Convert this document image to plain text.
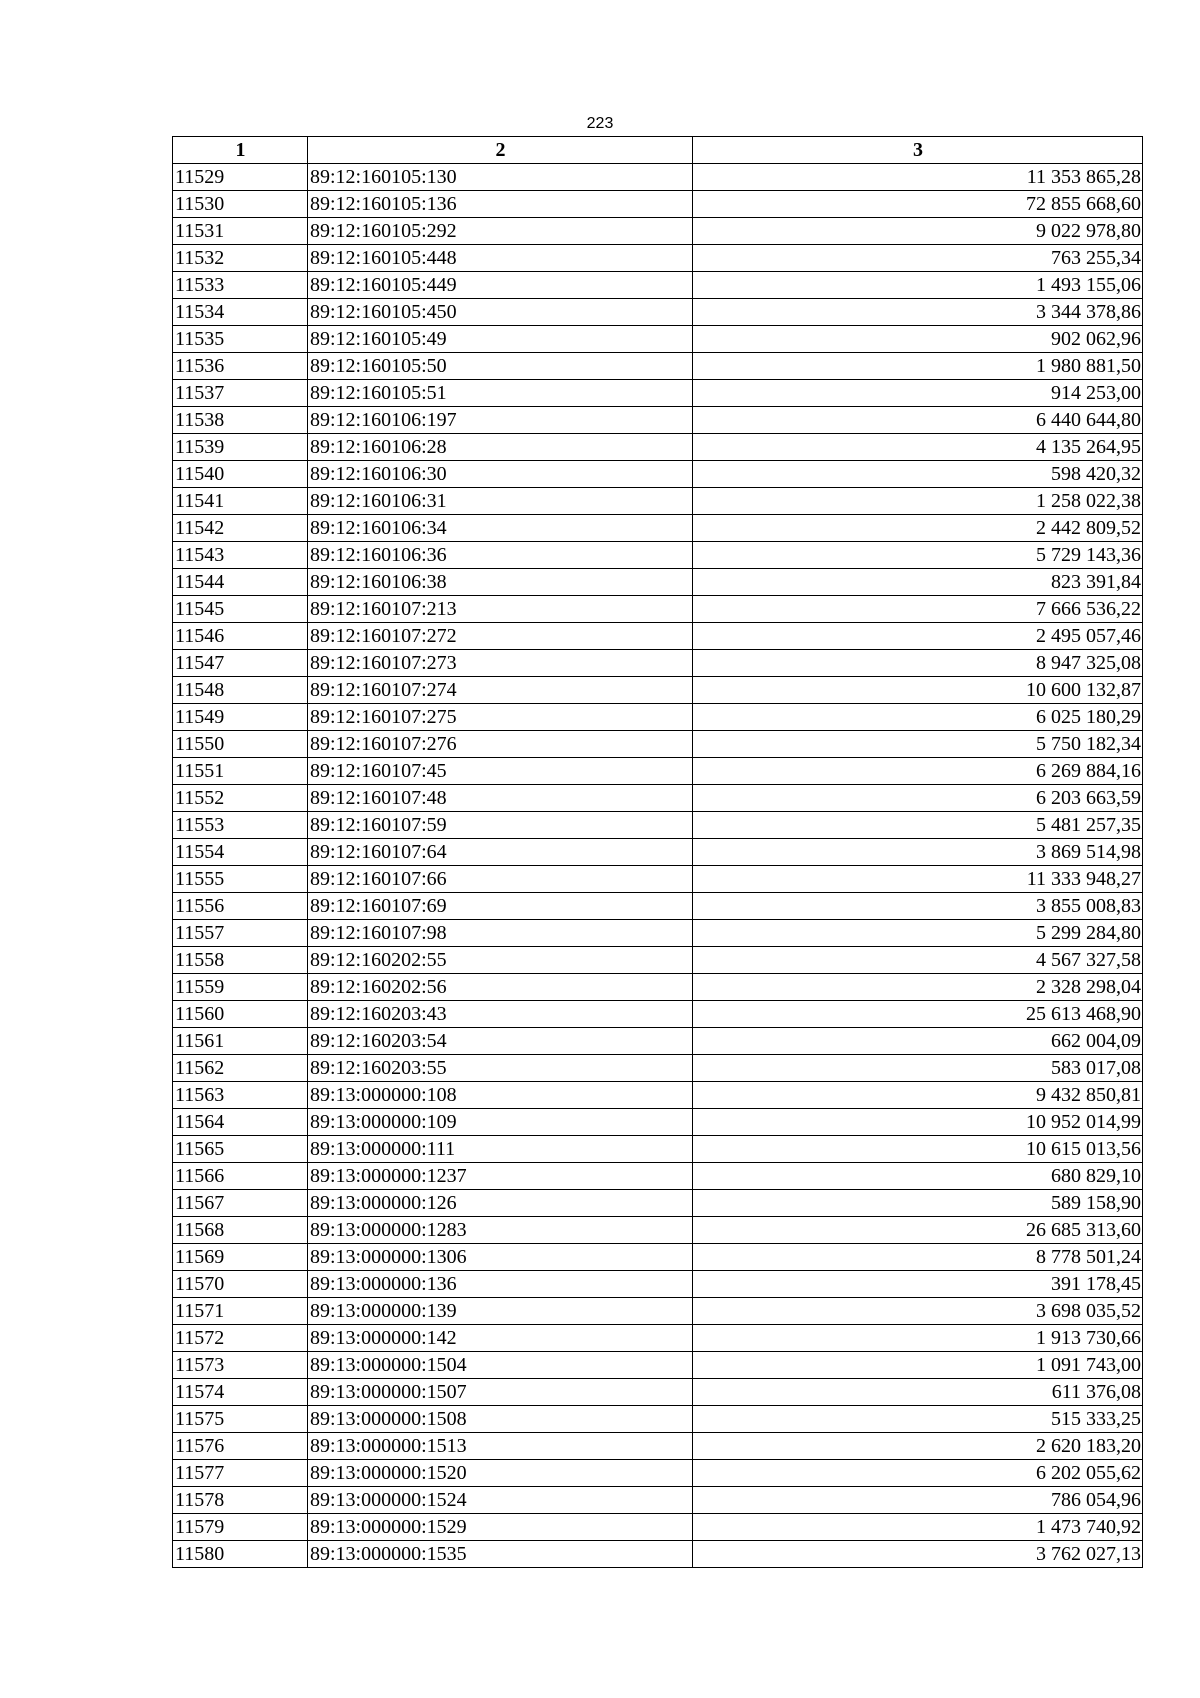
223
1	2	3
11529	89:12:160105:130	11 353 865,28
11530	89:12:160105:136	72 855 668,60
11531	89:12:160105:292	9 022 978,80
11532	89:12:160105:448	763 255,34
11533	89:12:160105:449	1 493 155,06
11534	89:12:160105:450	3 344 378,86
11535	89:12:160105:49	902 062,96
11536	89:12:160105:50	1 980 881,50
11537	89:12:160105:51	914 253,00
11538	89:12:160106:197	6 440 644,80
11539	89:12:160106:28	4 135 264,95
11540	89:12:160106:30	598 420,32
11541	89:12:160106:31	1 258 022,38
11542	89:12:160106:34	2 442 809,52
11543	89:12:160106:36	5 729 143,36
11544	89:12:160106:38	823 391,84
11545	89:12:160107:213	7 666 536,22
11546	89:12:160107:272	2 495 057,46
11547	89:12:160107:273	8 947 325,08
11548	89:12:160107:274	10 600 132,87
11549	89:12:160107:275	6 025 180,29
11550	89:12:160107:276	5 750 182,34
11551	89:12:160107:45	6 269 884,16
11552	89:12:160107:48	6 203 663,59
11553	89:12:160107:59	5 481 257,35
11554	89:12:160107:64	3 869 514,98
11555	89:12:160107:66	11 333 948,27
11556	89:12:160107:69	3 855 008,83
11557	89:12:160107:98	5 299 284,80
11558	89:12:160202:55	4 567 327,58
11559	89:12:160202:56	2 328 298,04
11560	89:12:160203:43	25 613 468,90
11561	89:12:160203:54	662 004,09
11562	89:12:160203:55	583 017,08
11563	89:13:000000:108	9 432 850,81
11564	89:13:000000:109	10 952 014,99
11565	89:13:000000:111	10 615 013,56
11566	89:13:000000:1237	680 829,10
11567	89:13:000000:126	589 158,90
11568	89:13:000000:1283	26 685 313,60
11569	89:13:000000:1306	8 778 501,24
11570	89:13:000000:136	391 178,45
11571	89:13:000000:139	3 698 035,52
11572	89:13:000000:142	1 913 730,66
11573	89:13:000000:1504	1 091 743,00
11574	89:13:000000:1507	611 376,08
11575	89:13:000000:1508	515 333,25
11576	89:13:000000:1513	2 620 183,20
11577	89:13:000000:1520	6 202 055,62
11578	89:13:000000:1524	786 054,96
11579	89:13:000000:1529	1 473 740,92
11580	89:13:000000:1535	3 762 027,13
